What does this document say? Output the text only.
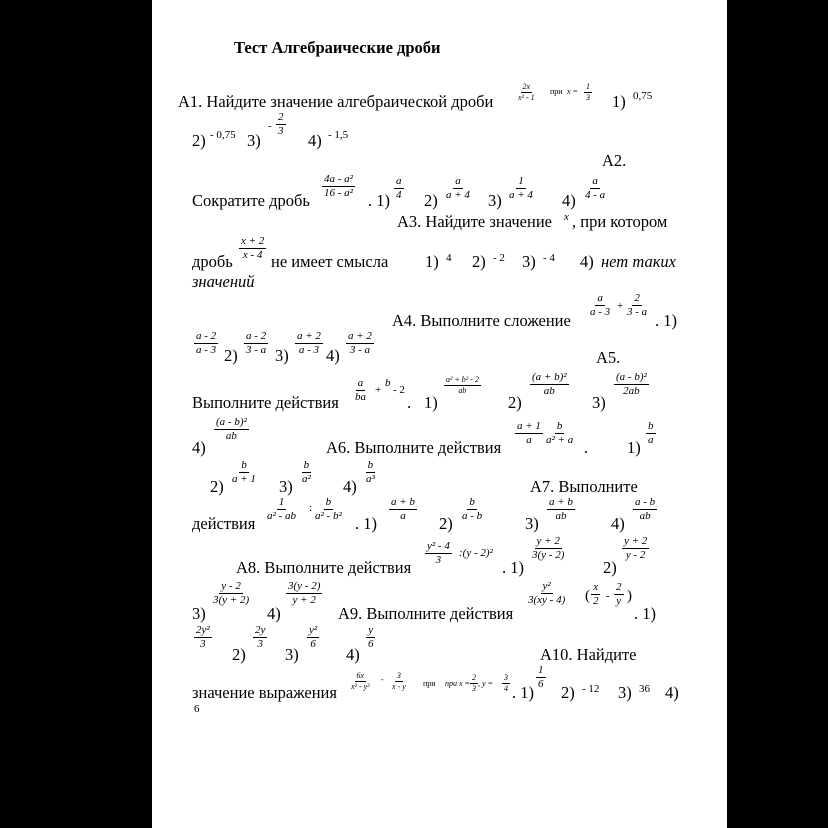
Тест Алгебраические дроби
A1. Найдите значение алгебраической дроби	$\frac{2x}{\text{x² - 1}}$ при $x = \frac{1}{3} 1$) 0,75
2) - 0,75 3)
- $\frac{2}{3}$
4) - 1,5
A2.
Сократите дробь
$\frac{\text{4a - a²}}{\text{16 - a²}}$
. $1) \frac{a}{4} 2) \frac{a}{a + 4} 3) \frac{1}{a + 4} 4) \frac{a}{4 - a}$
A3. Найдите значение x , при котором
дробь
$\frac{x + 2}{x - 4}$
не имеет смысла 1) 4 2) - 2 3) - 4 4) нет таких
значений
A4. Выполните сложение
$\frac{a}{a - 3} + \frac{2}{3 - a}$
. 1)
$\frac{a - 2}{a - 3} 2) \frac{a - 2}{3 - a} 3) \frac{a + 2}{a - 3} 4) \frac{a + 2}{3 - a}$
A5.
Выполните действия $\frac{a}{ba}$ +
b
- 2
. 1)
$\frac{\text{a² + b² - 2}}{ab}$
2)
$\frac{\text{(a + b)²}}{ab}$
3)
$\frac{\text{(a - b)²}}{2ab}$
4)
$\frac{\text{(a - b)²}}{ab}$
A6. Выполните действия
$\frac{a + 1}{a} \frac{b}{\text{a² + a}}$
. 1)
$\frac{b}{a}$
2)
$\frac{b}{a + 1}$
3)
$\frac{b}{\text{a²}}$
4)
$\frac{b}{\text{a³}}$
A7. Выполните
действия
$\frac{1}{\text{a² - ab}}$ : $\frac{b}{\text{a² - b²}}$
. 1)
$\frac{a + b}{a}$
2)
$\frac{b}{a - b}$
3)
$\frac{a + b}{ab}$
4)
$\frac{a - b}{ab}$
A8. Выполните действия
$\frac{\text{y² - 4}}{3}$ :(y - 2)²
. 1)
$\frac{y + 2}{3(y - 2)}$
2)
$\frac{y + 2}{y - 2}$
3)
$\frac{y - 2}{3(y + 2)}$
4)
$\frac{3(y - 2)}{y + 2}$
A9. Выполните действия
$\frac{\text{y²}}{3(xy - 4)}$ ( $\frac{x}{2} - \frac{2}{y}$ )
. 1)
$\frac{\text{2y²}}{3}$
2)
$\frac{2y}{3}$
3)
$\frac{\text{y²}}{6}$
4)
$\frac{y}{6}$
A10. Найдите
значение выражения
$\frac{6x}{\text{x² - y²}} - \frac{3}{x - y}$ при при x = -
$\frac{2}{3}$ , $y = \frac{3}{4}$ . 1)
$\frac{1}{6}$
2) - 12 3) 36 4)
6
